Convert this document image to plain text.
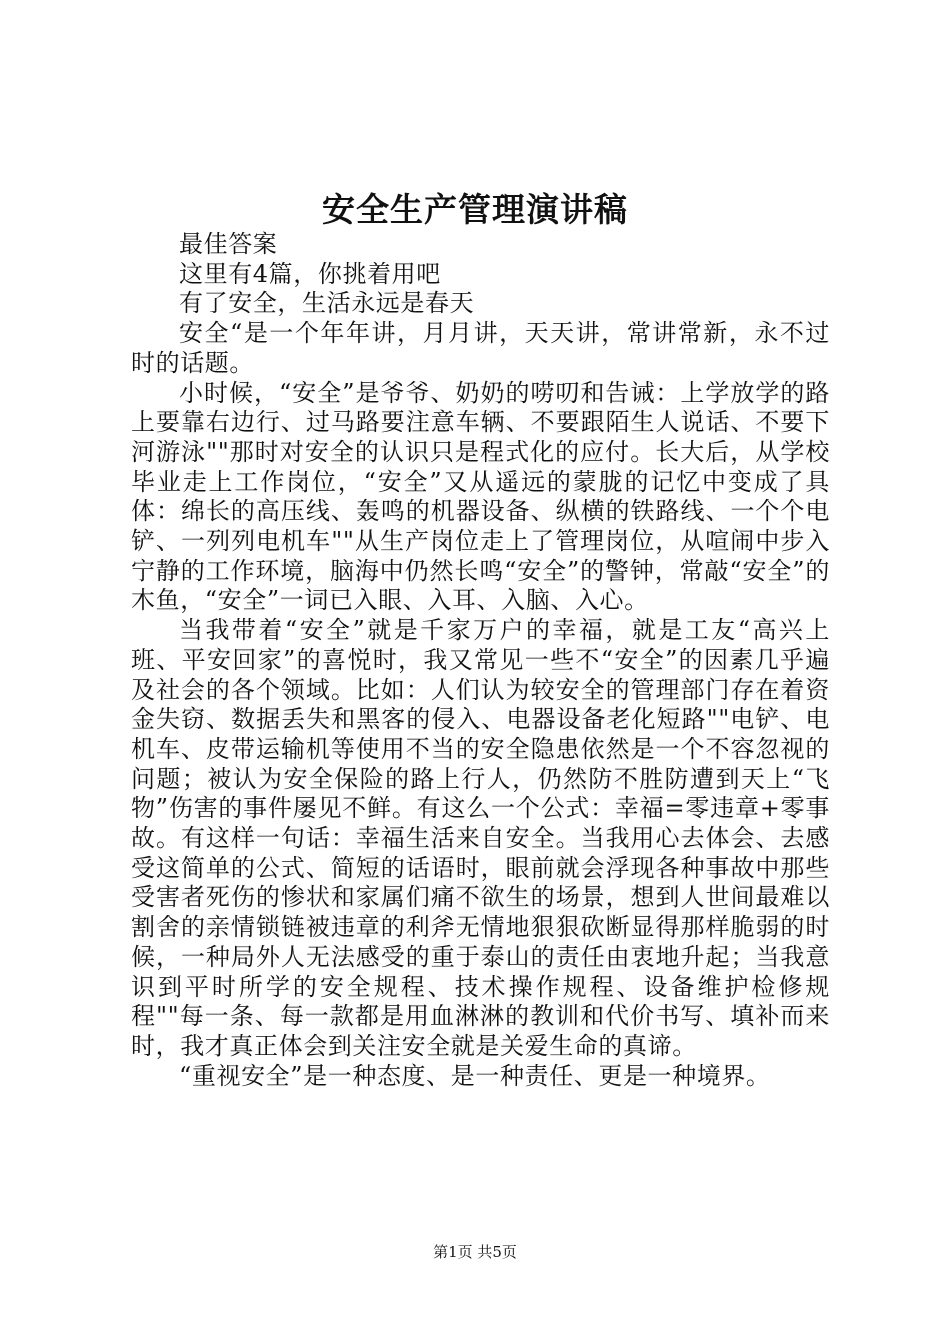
安全生产管理演讲稿

最佳答案

这里有4篇，你挑着用吧

有了安全，生活永远是春天

安全“是一个年年讲，月月讲，天天讲，常讲常新，永不过时的话题。

小时候，“安全”是爷爷、奶奶的唠叨和告诫：上学放学的路上要靠右边行、过马路要注意车辆、不要跟陌生人说话、不要下河游泳""那时对安全的认识只是程式化的应付。长大后，从学校毕业走上工作岗位，“安全”又从遥远的蒙胧的记忆中变成了具体：绵长的高压线、轰鸣的机器设备、纵横的铁路线、一个个电铲、一列列电机车""从生产岗位走上了管理岗位，从喧闹中步入宁静的工作环境，脑海中仍然长鸣“安全”的警钟，常敲“安全”的木鱼，“安全”一词已入眼、入耳、入脑、入心。

当我带着“安全”就是千家万户的幸福，就是工友“高兴上班、平安回家”的喜悦时，我又常见一些不“安全”的因素几乎遍及社会的各个领域。比如：人们认为较安全的管理部门存在着资金失窃、数据丢失和黑客的侵入、电器设备老化短路""电铲、电机车、皮带运输机等使用不当的安全隐患依然是一个不容忽视的问题；被认为安全保险的路上行人，仍然防不胜防遭到天上“飞物”伤害的事件屡见不鲜。有这么一个公式：幸福=零违章+零事故。有这样一句话：幸福生活来自安全。当我用心去体会、去感受这简单的公式、简短的话语时，眼前就会浮现各种事故中那些受害者死伤的惨状和家属们痛不欲生的场景，想到人世间最难以割舍的亲情锁链被违章的利斧无情地狠狠砍断显得那样脆弱的时候，一种局外人无法感受的重于泰山的责任由衷地升起；当我意识到平时所学的安全规程、技术操作规程、设备维护检修规程""每一条、每一款都是用血淋淋的教训和代价书写、填补而来时，我才真正体会到关注安全就是关爱生命的真谛。

“重视安全”是一种态度、是一种责任、更是一种境界。

第1页 共5页
